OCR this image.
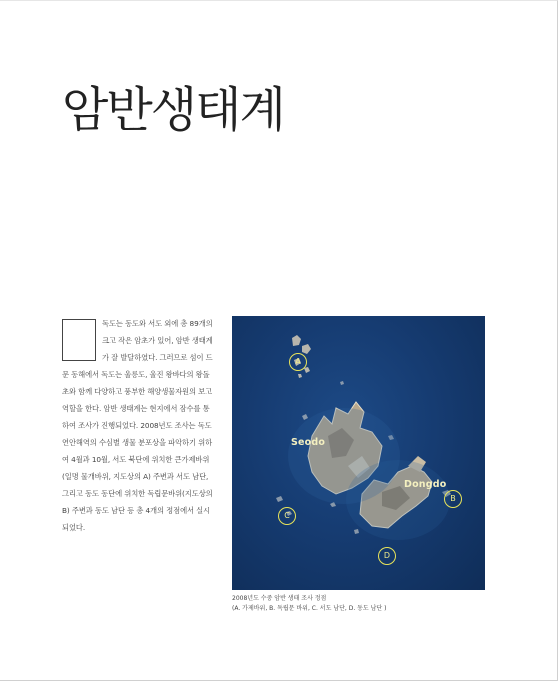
암반생태계

독도는 동도와 서도 외에 총 89개의 크고 작은 암초가 있어, 암반 생태계가 잘 발달하였다. 그러므로 섬이 드문 동해에서 독도는 울릉도, 울진 왕바다의 왕돌초와 함께 다양하고 풍부한 해양생물자원의 보고 역할을 한다. 암반 생태계는 현지에서 잠수를 통하여 조사가 진행되었다. 2008년도 조사는 독도 연안해역의 수심별 생물 분포상을 파악하기 위하여 4월과 10월, 서도 북단에 위치한 큰가제바위(일명 물개바위, 지도상의 A) 주변과 서도 남단, 그리고 동도 동단에 위치한 독립문바위(지도상의 B) 주변과 동도 남단 등 총 4개의 정점에서 실시되었다.

Seodo
Dongdo
A
B
C
D
2008년도 수중 암반 생태 조사 정점
(A. 가제바위, B. 독립문 바위, C. 서도 남단, D. 동도 남단 )
